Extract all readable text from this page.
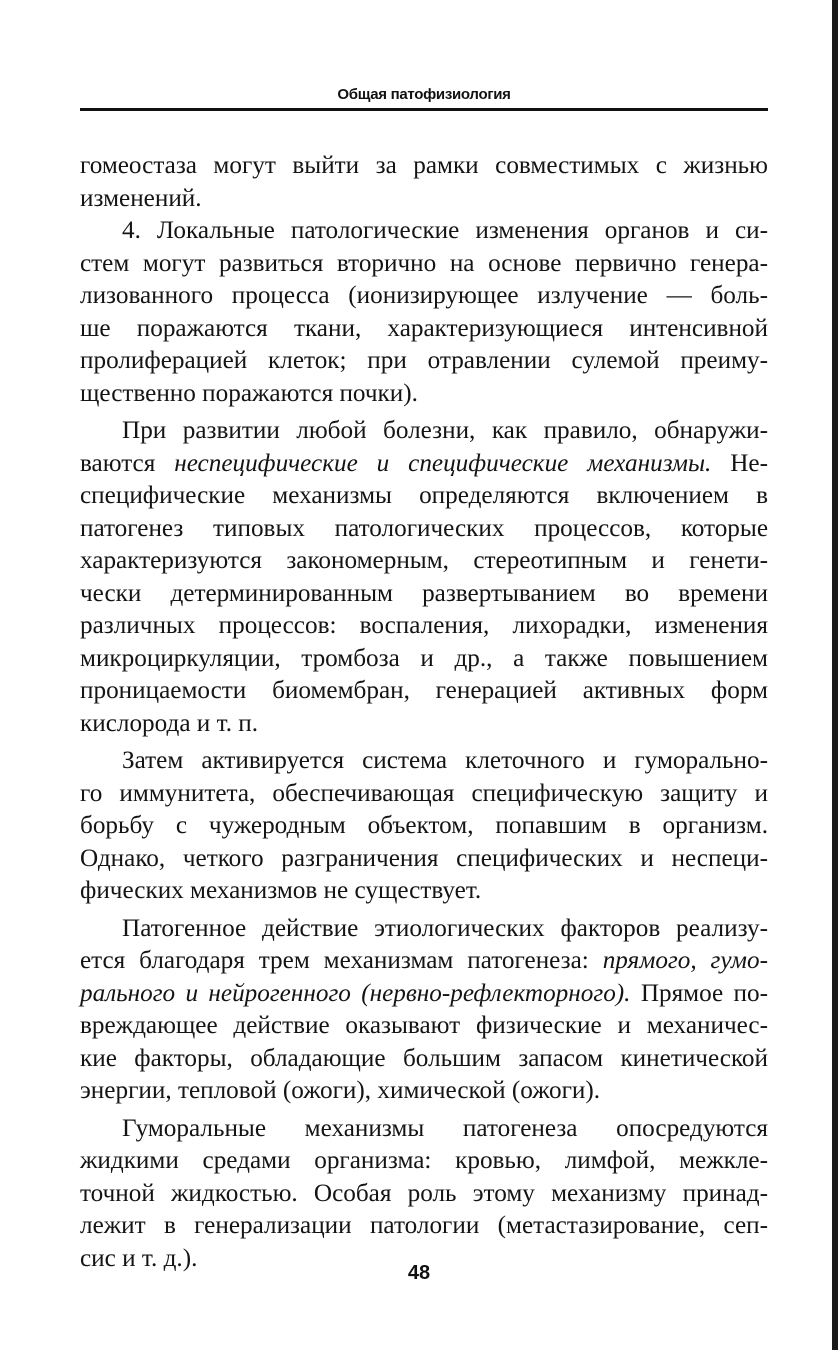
Общая патофизиология
гомеостаза могут выйти за рамки совместимых с жизнью
изменений.
4. Локальные патологические изменения органов и си-
стем могут развиться вторично на основе первично генера-
лизованного процесса (ионизирующее излучение — боль-
ше поражаются ткани, характеризующиеся интенсивной
пролиферацией клеток; при отравлении сулемой преиму-
щественно поражаются почки).
При развитии любой болезни, как правило, обнаружи-
ваются неспецифические и специфические механизмы. Не-
специфические механизмы определяются включением в
патогенез типовых патологических процессов, которые
характеризуются закономерным, стереотипным и генети-
чески детерминированным развертыванием во времени
различных процессов: воспаления, лихорадки, изменения
микроциркуляции, тромбоза и др., а также повышением
проницаемости биомембран, генерацией активных форм
кислорода и т. п.
Затем активируется система клеточного и гуморально-
го иммунитета, обеспечивающая специфическую защиту и
борьбу с чужеродным объектом, попавшим в организм.
Однако, четкого разграничения специфических и неспеци-
фических механизмов не существует.
Патогенное действие этиологических факторов реализу-
ется благодаря трем механизмам патогенеза: прямого, гумо-
рального и нейрогенного (нервно-рефлекторного). Прямое по-
вреждающее действие оказывают физические и механичес-
кие факторы, обладающие большим запасом кинетической
энергии, тепловой (ожоги), химической (ожоги).
Гуморальные механизмы патогенеза опосредуются
жидкими средами организма: кровью, лимфой, межкле-
точной жидкостью. Особая роль этому механизму принад-
лежит в генерализации патологии (метастазирование, сеп-
сис и т. д.).
48
